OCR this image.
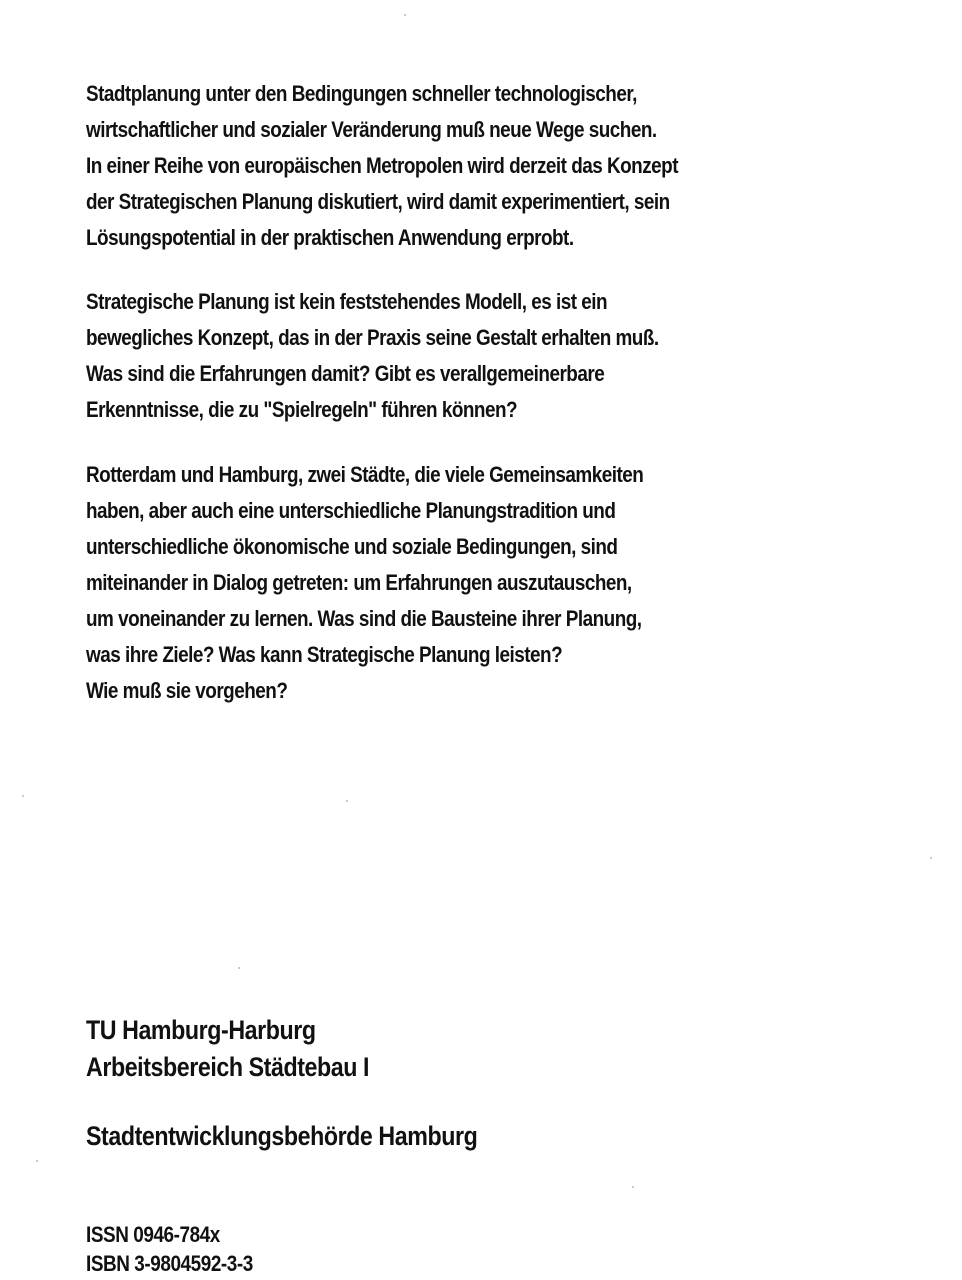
Stadtplanung unter den Bedingungen schneller technologischer,
wirtschaftlicher und sozialer Veränderung muß neue Wege suchen.
In einer Reihe von europäischen Metropolen wird derzeit das Konzept
der Strategischen Planung diskutiert, wird damit experimentiert, sein
Lösungspotential in der praktischen Anwendung erprobt.
Strategische Planung ist kein feststehendes Modell, es ist ein
bewegliches Konzept, das in der Praxis seine Gestalt erhalten muß.
Was sind die Erfahrungen damit? Gibt es verallgemeinerbare
Erkenntnisse, die zu "Spielregeln" führen können?
Rotterdam und Hamburg, zwei Städte, die viele Gemeinsamkeiten
haben, aber auch eine unterschiedliche Planungstradition und
unterschiedliche ökonomische und soziale Bedingungen, sind
miteinander in Dialog getreten: um Erfahrungen auszutauschen,
um voneinander zu lernen. Was sind die Bausteine ihrer Planung,
was ihre Ziele? Was kann Strategische Planung leisten?
Wie muß sie vorgehen?
TU Hamburg-Harburg
Arbeitsbereich Städtebau I
Stadtentwicklungsbehörde Hamburg
ISSN 0946-784x
ISBN 3-9804592-3-3
